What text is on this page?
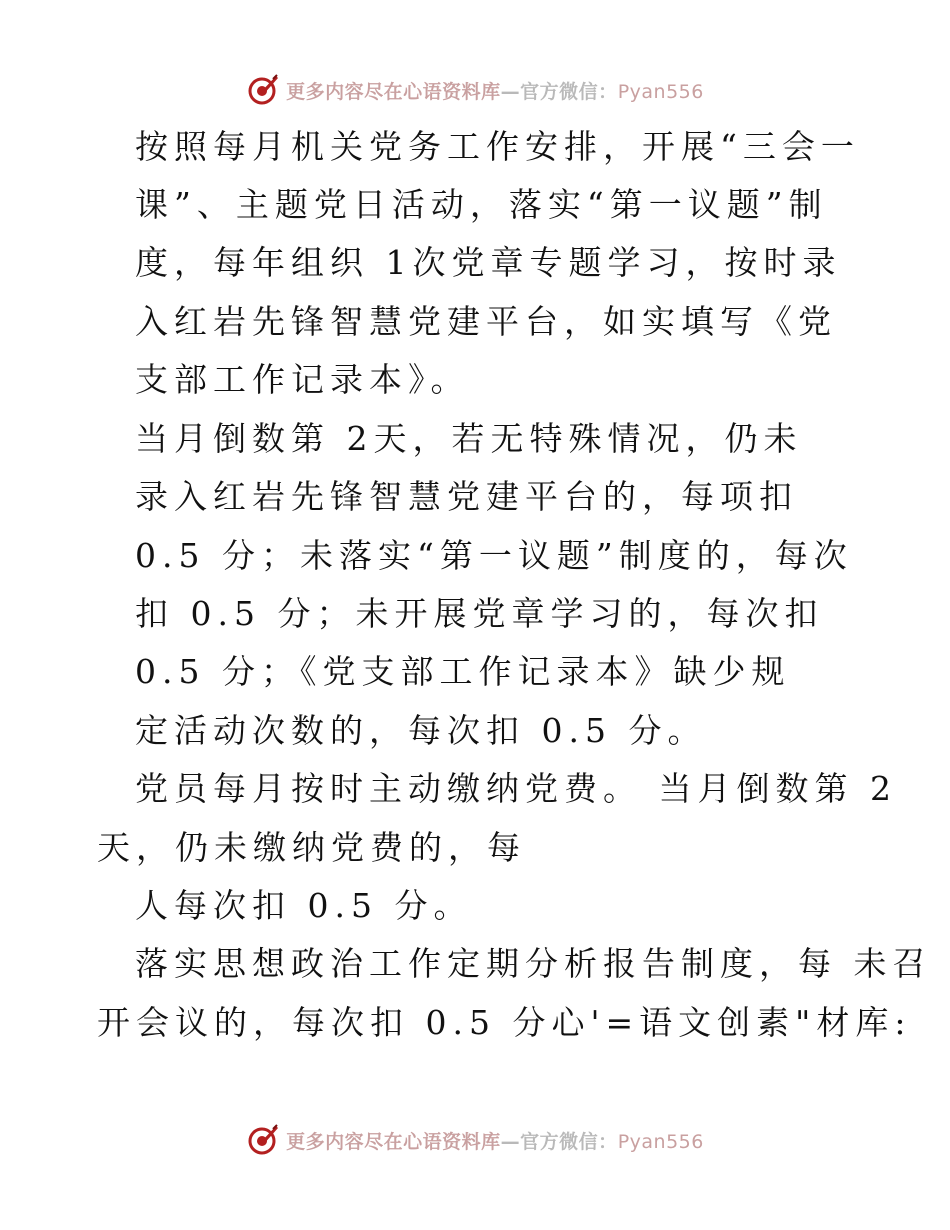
更多内容尽在心语资料库—官方微信：Pyan556
按照每月机关党务工作安排，开展“三会一
课”、主题党日活动，落实“第一议题”制
度，每年组织 1次党章专题学习，按时录
入红岩先锋智慧党建平台，如实填写《党
支部工作记录本》。
当月倒数第 2天，若无特殊情况，仍未
录入红岩先锋智慧党建平台的，每项扣
0.5 分；未落实“第一议题”制度的，每次
扣 0.5 分；未开展党章学习的，每次扣
0.5 分；《党支部工作记录本》缺少规
定活动次数的，每次扣 0.5 分。
党员每月按时主动缴纳党费。 当月倒数第 2
天，仍未缴纳党费的，每
人每次扣 0.5 分。
落实思想政治工作定期分析报告制度，每 未召
开会议的，每次扣 0.5 分心'=语文创素"材库:
更多内容尽在心语资料库—官方微信：Pyan556
